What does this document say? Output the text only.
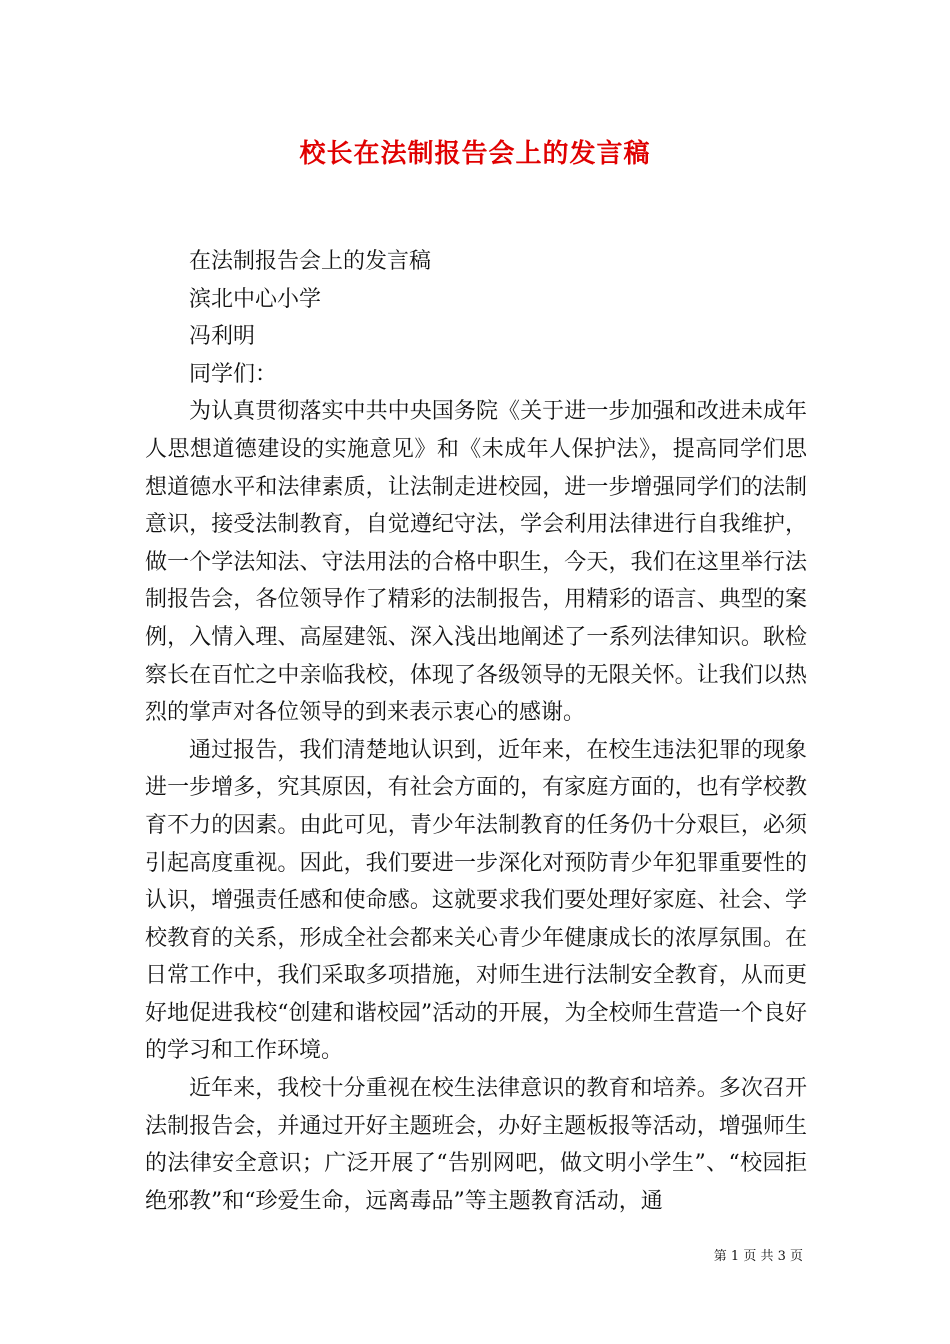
校长在法制报告会上的发言稿

在法制报告会上的发言稿

滨北中心小学

冯利明

同学们：

为认真贯彻落实中共中央国务院《关于进一步加强和改进未成年人思想道德建设的实施意见》和《未成年人保护法》，提高同学们思想道德水平和法律素质，让法制走进校园，进一步增强同学们的法制意识，接受法制教育，自觉遵纪守法，学会利用法律进行自我维护，做一个学法知法、守法用法的合格中职生，今天，我们在这里举行法制报告会，各位领导作了精彩的法制报告，用精彩的语言、典型的案例，入情入理、高屋建瓴、深入浅出地阐述了一系列法律知识。耿检察长在百忙之中亲临我校，体现了各级领导的无限关怀。让我们以热烈的掌声对各位领导的到来表示衷心的感谢。

通过报告，我们清楚地认识到，近年来，在校生违法犯罪的现象进一步增多，究其原因，有社会方面的，有家庭方面的，也有学校教育不力的因素。由此可见，青少年法制教育的任务仍十分艰巨，必须引起高度重视。因此，我们要进一步深化对预防青少年犯罪重要性的认识，增强责任感和使命感。这就要求我们要处理好家庭、社会、学校教育的关系，形成全社会都来关心青少年健康成长的浓厚氛围。在日常工作中，我们采取多项措施，对师生进行法制安全教育，从而更好地促进我校“创建和谐校园”活动的开展，为全校师生营造一个良好的学习和工作环境。

近年来，我校十分重视在校生法律意识的教育和培养。多次召开法制报告会，并通过开好主题班会，办好主题板报等活动，增强师生的法律安全意识；广泛开展了“告别网吧，做文明小学生”、“校园拒绝邪教”和“珍爱生命，远离毒品”等主题教育活动，通

第 1 页 共 3 页
